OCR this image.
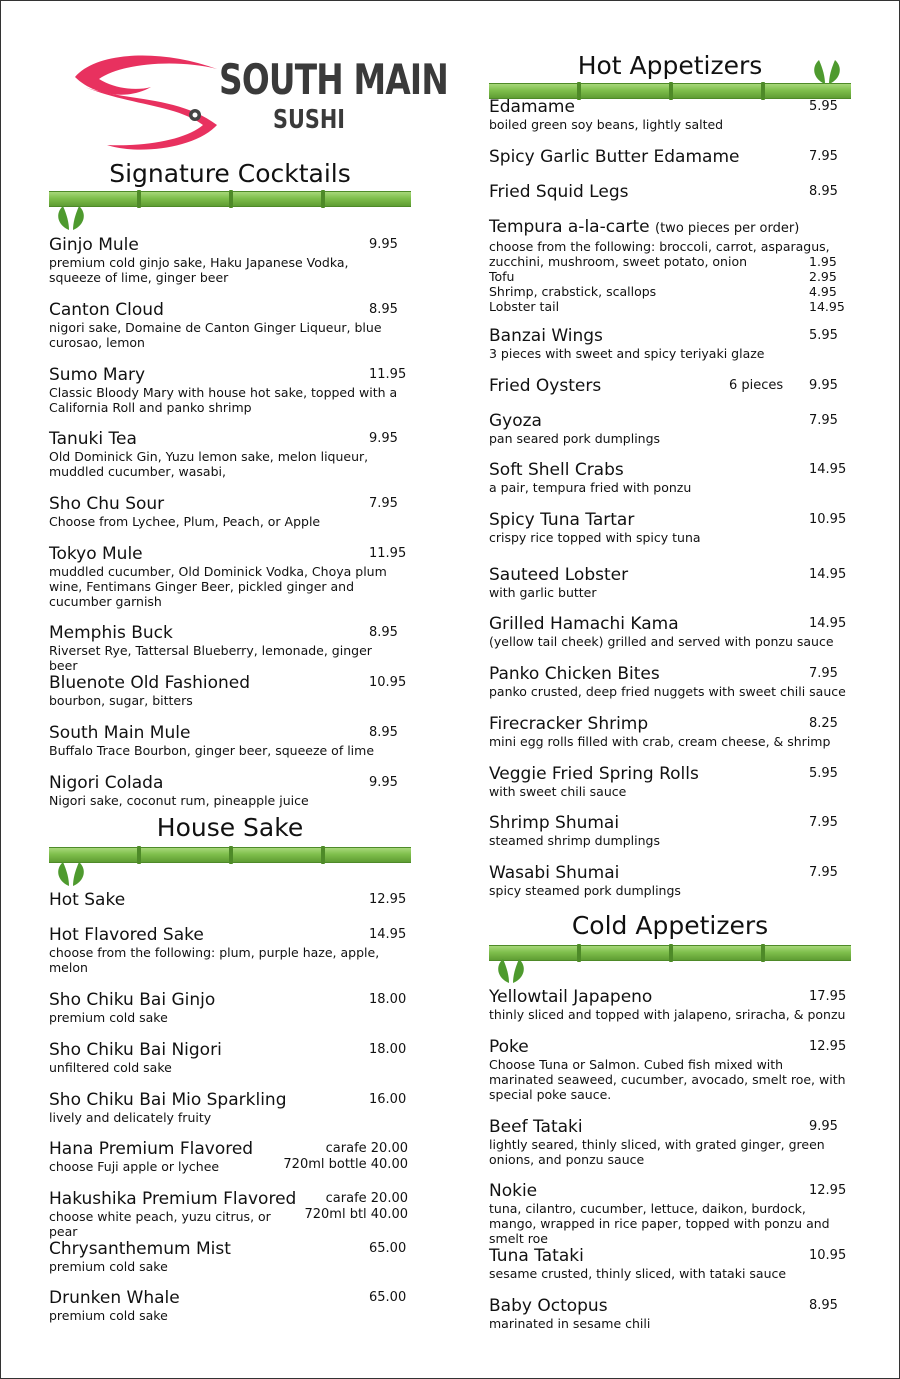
SOUTH MAIN
SUSHI
Signature Cocktails
Ginjo Mule	9.95
premium cold ginjo sake, Haku Japanese Vodka, squeeze of lime, ginger beer
Canton Cloud	8.95
nigori sake, Domaine de Canton Ginger Liqueur, blue curosao, lemon
Sumo Mary	11.95
Classic Bloody Mary with house hot sake, topped with a California Roll and panko shrimp
Tanuki Tea	9.95
Old Dominick Gin, Yuzu lemon sake, melon liqueur, muddled cucumber, wasabi,
Sho Chu Sour	7.95
Choose from Lychee, Plum, Peach, or Apple
Tokyo Mule	11.95
muddled cucumber, Old Dominick Vodka, Choya plum wine, Fentimans Ginger Beer, pickled ginger and cucumber garnish
Memphis Buck	8.95
Riverset Rye, Tattersal Blueberry, lemonade, ginger beer
Bluenote Old Fashioned	10.95
bourbon, sugar, bitters
South Main Mule	8.95
Buffalo Trace Bourbon, ginger beer, squeeze of lime
Nigori Colada	9.95
Nigori sake, coconut rum, pineapple juice
House Sake
Hot Sake	12.95
Hot Flavored Sake	14.95
choose from the following: plum, purple haze, apple, melon
Sho Chiku Bai Ginjo	18.00
premium cold sake
Sho Chiku Bai Nigori	18.00
unfiltered cold sake
Sho Chiku Bai Mio Sparkling	16.00
lively and delicately fruity
Hana Premium Flavored	carafe 20.00
720ml bottle 40.00
choose Fuji apple or lychee
Hakushika Premium Flavored	carafe 20.00
720ml btl 40.00
choose white peach, yuzu citrus, or pear
Chrysanthemum Mist	65.00
premium cold sake
Drunken Whale	65.00
premium cold sake
Hot Appetizers
Edamame	5.95
boiled green soy beans, lightly salted
Spicy Garlic Butter Edamame	7.95
Fried Squid Legs	8.95
Tempura a-la-carte (two pieces per order)
choose from the following: broccoli, carrot, asparagus,
zucchini, mushroom, sweet potato, onion	1.95
Tofu	2.95
Shrimp, crabstick, scallops	4.95
Lobster tail	14.95
Banzai Wings	5.95
3 pieces with sweet and spicy teriyaki glaze
Fried Oysters	9.95
6 pieces
Gyoza	7.95
pan seared pork dumplings
Soft Shell Crabs	14.95
a pair, tempura fried with ponzu
Spicy Tuna Tartar	10.95
crispy rice topped with spicy tuna
Sauteed Lobster	14.95
with garlic butter
Grilled Hamachi Kama	14.95
(yellow tail cheek) grilled and served with ponzu sauce
Panko Chicken Bites	7.95
panko crusted, deep fried nuggets with sweet chili sauce
Firecracker Shrimp	8.25
mini egg rolls filled with crab, cream cheese, & shrimp
Veggie Fried Spring Rolls	5.95
with sweet chili sauce
Shrimp Shumai	7.95
steamed shrimp dumplings
Wasabi Shumai	7.95
spicy steamed pork dumplings
Cold Appetizers
Yellowtail Japapeno	17.95
thinly sliced and topped with jalapeno, sriracha, & ponzu
Poke	12.95
Choose Tuna or Salmon. Cubed fish mixed with marinated seaweed, cucumber, avocado, smelt roe, with special poke sauce.
Beef Tataki	9.95
lightly seared, thinly sliced, with grated ginger, green onions, and ponzu sauce
Nokie	12.95
tuna, cilantro, cucumber, lettuce, daikon, burdock, mango, wrapped in rice paper, topped with ponzu and smelt roe
Tuna Tataki	10.95
sesame crusted, thinly sliced, with tataki sauce
Baby Octopus	8.95
marinated in sesame chili
